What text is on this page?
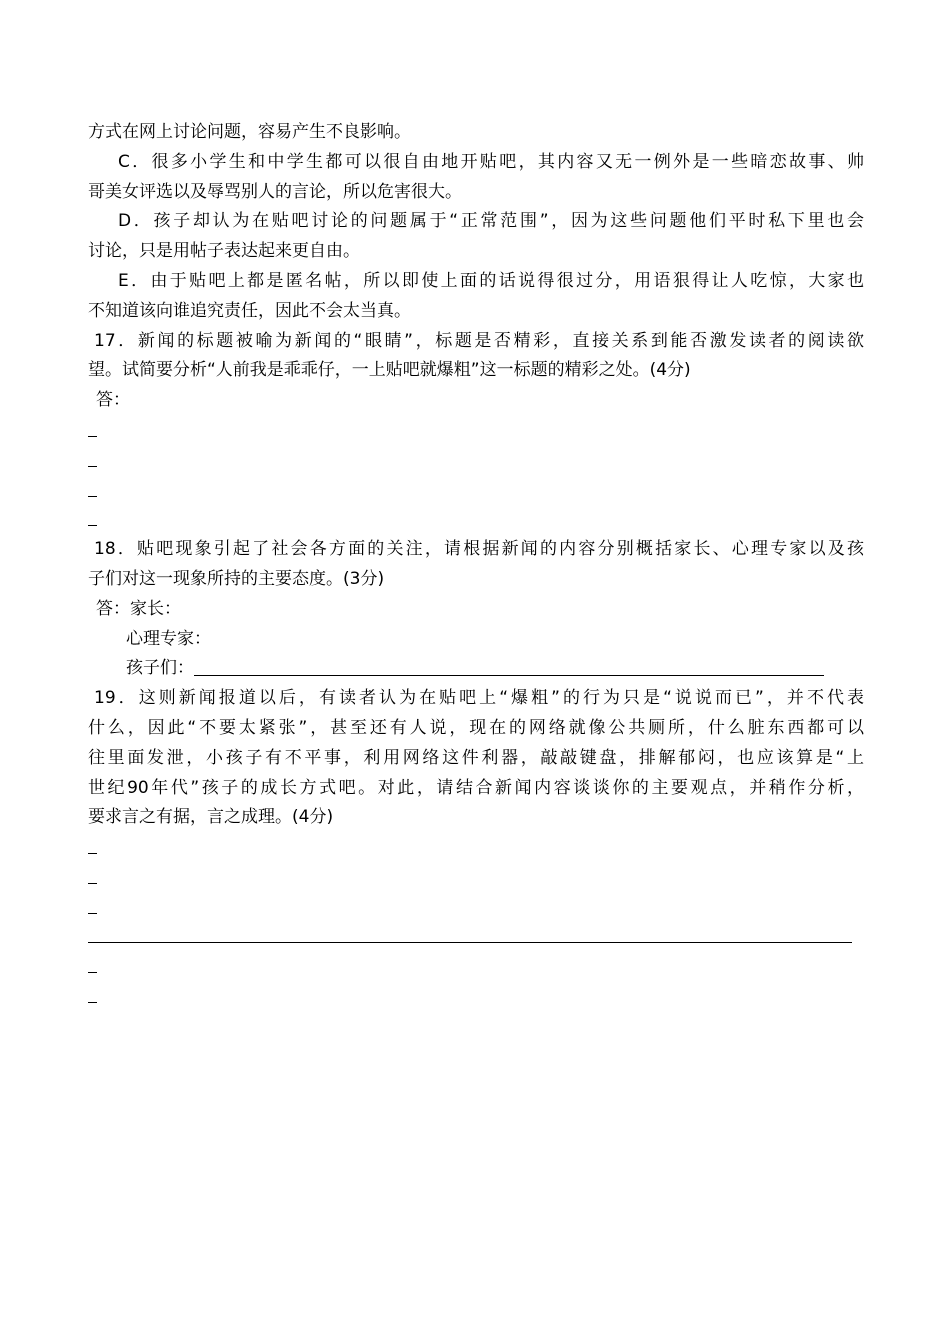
方式在网上讨论问题，容易产生不良影响。
C．很多小学生和中学生都可以很自由地开贴吧，其内容又无一例外是一些暗恋故事、帅
哥美女评选以及辱骂别人的言论，所以危害很大。
D．孩子却认为在贴吧讨论的问题属于“正常范围”，因为这些问题他们平时私下里也会
讨论，只是用帖子表达起来更自由。
E．由于贴吧上都是匿名帖，所以即使上面的话说得很过分，用语狠得让人吃惊，大家也
不知道该向谁追究责任，因此不会太当真。
17．新闻的标题被喻为新闻的“眼睛”，标题是否精彩，直接关系到能否激发读者的阅读欲
望。试简要分析“人前我是乖乖仔，一上贴吧就爆粗”这一标题的精彩之处。(4分)
答：
18．贴吧现象引起了社会各方面的关注，请根据新闻的内容分别概括家长、心理专家以及孩
子们对这一现象所持的主要态度。(3分)
答：家长：
心理专家：
孩子们：
19．这则新闻报道以后，有读者认为在贴吧上“爆粗”的行为只是“说说而已”，并不代表
什么，因此“不要太紧张”，甚至还有人说，现在的网络就像公共厕所，什么脏东西都可以
往里面发泄，小孩子有不平事，利用网络这件利器，敲敲键盘，排解郁闷，也应该算是“上
世纪90年代”孩子的成长方式吧。对此，请结合新闻内容谈谈你的主要观点，并稍作分析，
要求言之有据，言之成理。(4分)
